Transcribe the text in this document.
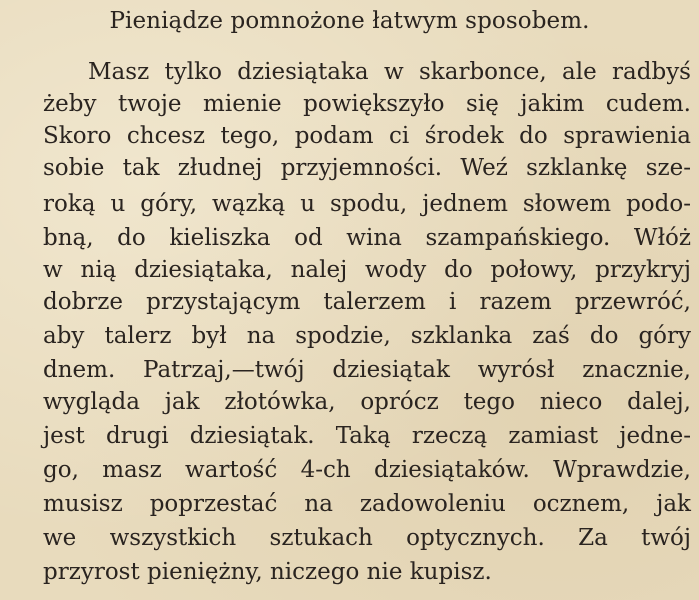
Pieniądze pomnożone łatwym sposobem.
Masz tylko dziesiątaka w skarbonce, ale radbyś
żeby twoje mienie powiększyło się jakim cudem.
Skoro chcesz tego, podam ci środek do sprawienia
sobie tak złudnej przyjemności. Weź szklankę sze-
roką u góry, wązką u spodu, jednem słowem podo-
bną, do kieliszka od wina szampańskiego. Włóż
w nią dziesiątaka, nalej wody do połowy, przykryj
dobrze przystającym talerzem i razem przewróć,
aby talerz był na spodzie, szklanka zaś do góry
dnem. Patrzaj,—twój dziesiątak wyrósł znacznie,
wygląda jak złotówka, oprócz tego nieco dalej,
jest drugi dziesiątak. Taką rzeczą zamiast jedne-
go, masz wartość 4-ch dziesiątaków. Wprawdzie,
musisz poprzestać na zadowoleniu ocznem, jak
we wszystkich sztukach optycznych. Za twój
przyrost pieniężny, niczego nie kupisz.
